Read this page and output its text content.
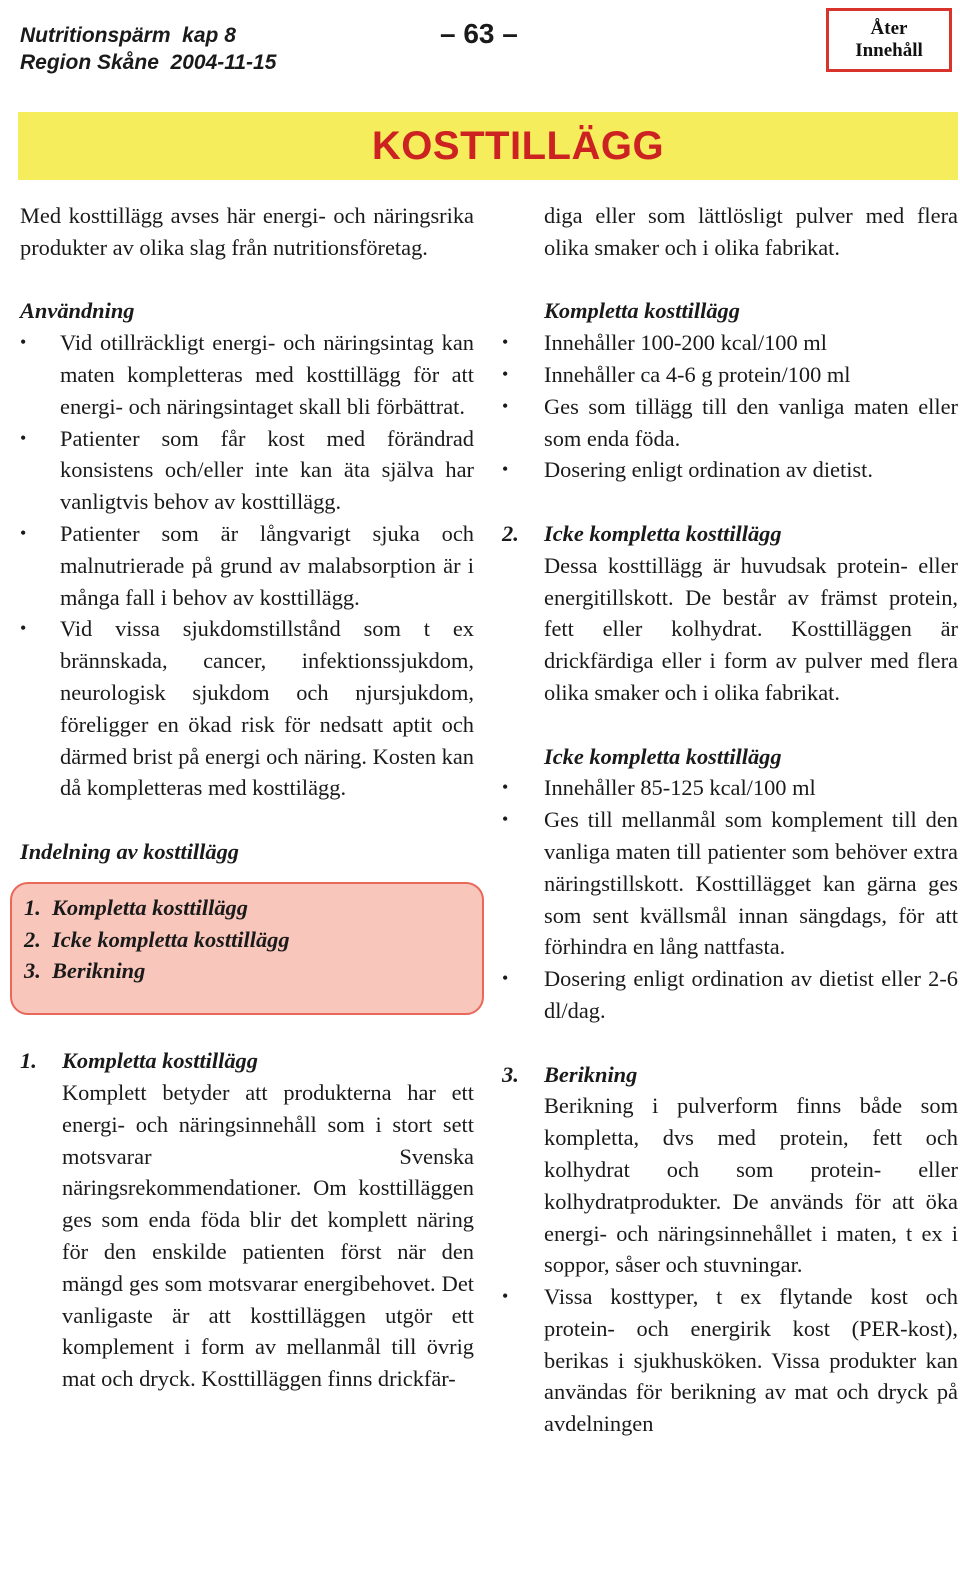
Nutritionspärm  kap 8
Region Skåne  2004-11-15
– 63 –	Åter
Innehåll
KOSTTILLÄGG

Med kosttillägg avses här energi- och näringsrika produkter av olika slag från nutritionsföretag.

Användning

• Vid otillräckligt energi- och näringsintag kan maten kompletteras med kosttillägg för att energi- och näringsintaget skall bli förbättrat.
• Patienter som får kost med förändrad konsistens och/eller inte kan äta själva har vanligtvis behov av kosttillägg.
• Patienter som är långvarigt sjuka och malnutrierade på grund av malabsorption är i många fall i behov av kosttillägg.
• Vid vissa sjukdomstillstånd som t ex brännskada, cancer, infektionssjukdom, neurologisk sjukdom och njursjukdom, föreligger en ökad risk för nedsatt aptit och därmed brist på energi och näring. Kosten kan då kompletteras med kosttilägg.

Indelning av kosttillägg

1.  Kompletta kosttillägg
2.  Icke kompletta kosttillägg
3.  Berikning
1. Kompletta kosttillägg

Komplett betyder att produkterna har ett energi- och näringsinnehåll som i stort sett motsvarar Svenska näringsrekommendationer. Om kosttilläggen ges som enda föda blir det komplett näring för den enskilde patienten först när den mängd ges som motsvarar energibehovet. Det vanligaste är att kosttilläggen utgör ett komplement i form av mellanmål till övrig mat och dryck. Kosttilläggen finns drickfär-

diga eller som lättlösligt pulver med flera olika smaker och i olika fabrikat.

Kompletta kosttillägg

• Innehåller 100-200 kcal/100 ml
• Innehåller ca 4-6 g protein/100 ml
• Ges som tillägg till den vanliga maten eller som enda föda.
• Dosering enligt ordination av dietist.
2. Icke kompletta kosttillägg

Dessa kosttillägg är huvudsak protein- eller energitillskott. De består av främst protein, fett eller kolhydrat. Kosttilläggen är drickfärdiga eller i form av pulver med flera olika smaker och i olika fabrikat.

Icke kompletta kosttillägg

• Innehåller 85-125 kcal/100 ml
• Ges till mellanmål som komplement till den vanliga maten till patienter som behöver extra näringstillskott. Kosttillägget kan gärna ges som sent kvällsmål innan sängdags, för att förhindra en lång nattfasta.
• Dosering enligt ordination av dietist eller 2-6 dl/dag.
3. Berikning

Berikning i pulverform finns både som kompletta, dvs med protein, fett och kolhydrat och som protein- eller kolhydratprodukter. De används för att öka energi- och näringsinnehållet i maten, t ex i soppor, såser och stuvningar.

• Vissa kosttyper, t ex flytande kost och protein- och energirik kost (PER-kost), berikas i sjukhusköken. Vissa produkter kan användas för berikning av mat och dryck på avdelningen
